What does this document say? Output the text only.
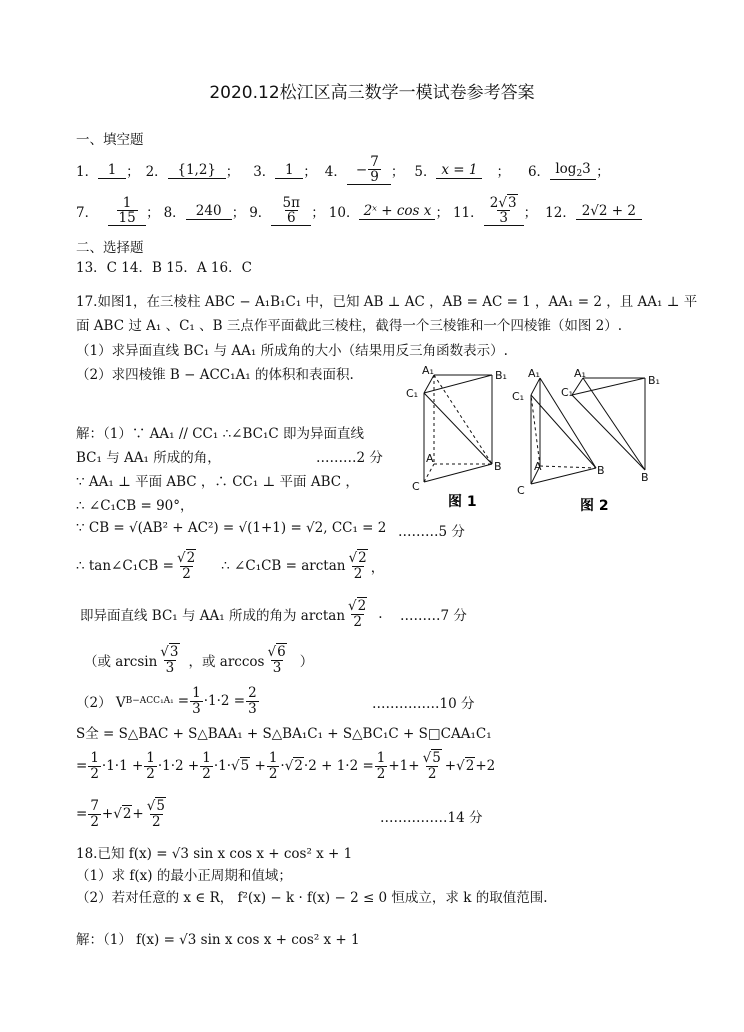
2020.12松江区高三数学一模试卷参考答案
一、填空题
1． 1 ； 2． {1,2} ； 3． 1 ； 4． − $\frac{7}{9}$ ； 5． x = 1	； 6． $\log_23$ ；
7． $\frac{1}{15}$ ； 8． 240 ； 9． $\frac{5\pi}{6}$ ； 10． 2ˣ + cos x ； 11． $\frac{2√3}{3}$ ； 12． 2√2 + 2
二、选择题
13．C 14．B 15．A 16．C
17.如图1，在三棱柱 ABC − A₁B₁C₁ 中，已知 AB ⊥ AC ，AB = AC = 1 ，AA₁ = 2 ，且 AA₁ ⊥ 平
面 ABC 过 A₁ 、C₁ 、B 三点作平面截此三棱柱，截得一个三棱锥和一个四棱锥（如图 2）.
（1）求异面直线 BC₁ 与 AA₁ 所成角的大小（结果用反三角函数表示）.
（2）求四棱锥 B − ACC₁A₁ 的体积和表面积.	A₁	B₁
C₁
A
B
C
A₁
C₁
A	B
C
A₁
C₁
B₁
B
图 1	图 2
解：（1）∵ AA₁ // CC₁ ∴∠BC₁C 即为异面直线
BC₁ 与 AA₁ 所成的角，	………2 分
∵ AA₁ ⊥ 平面 ABC ，∴ CC₁ ⊥ 平面 ABC ，
∴ ∠C₁CB = 90°，
∵ CB = √(AB² + AC²) = √(1+1) = √2, CC₁ = 2 ………5 分
∴ tan∠C₁CB = $\frac{√2}{2}$ ∴ ∠C₁CB = $\arctan \frac{√2}{2}$ ，
即异面直线 BC₁ 与 AA₁ 所成的角为 $\arctan \frac{√2}{2}$ . ………7 分
（或 $\arcsin \frac{√3}{3}$ ，或 $\arccos \frac{√6}{3}$ ）
（2） V $B-ACC_1A_1 = \frac{1}{3} \cdot 1\cdot 2 = \frac{2}{3}$	……………10 分
S全 = S△BAC + S△BAA₁ + S△BA₁C₁ + S△BC₁C + S□CAA₁C₁
= $\frac{1}{2} \cdot 1\cdot 1 + \frac{1}{2} \cdot 1\cdot 2 + \frac{1}{2} \cdot 1\cdot√5 + \frac{1}{2} \cdot√2\cdot 2 + 1\cdot 2 = \frac{1}{2} +1+ \frac{√5}{2} +√2+2$
= $\frac{7}{2} +√2+ \frac{√5}{2}$	……………14 分
18.已知 f(x) = √3 sin x cos x + cos² x + 1
（1）求 f(x) 的最小正周期和值域；
（2）若对任意的 x ∈ R， f²(x) − k · f(x) − 2 ≤ 0 恒成立，求 k 的取值范围.
解：（1） f(x) = √3 sin x cos x + cos² x + 1
